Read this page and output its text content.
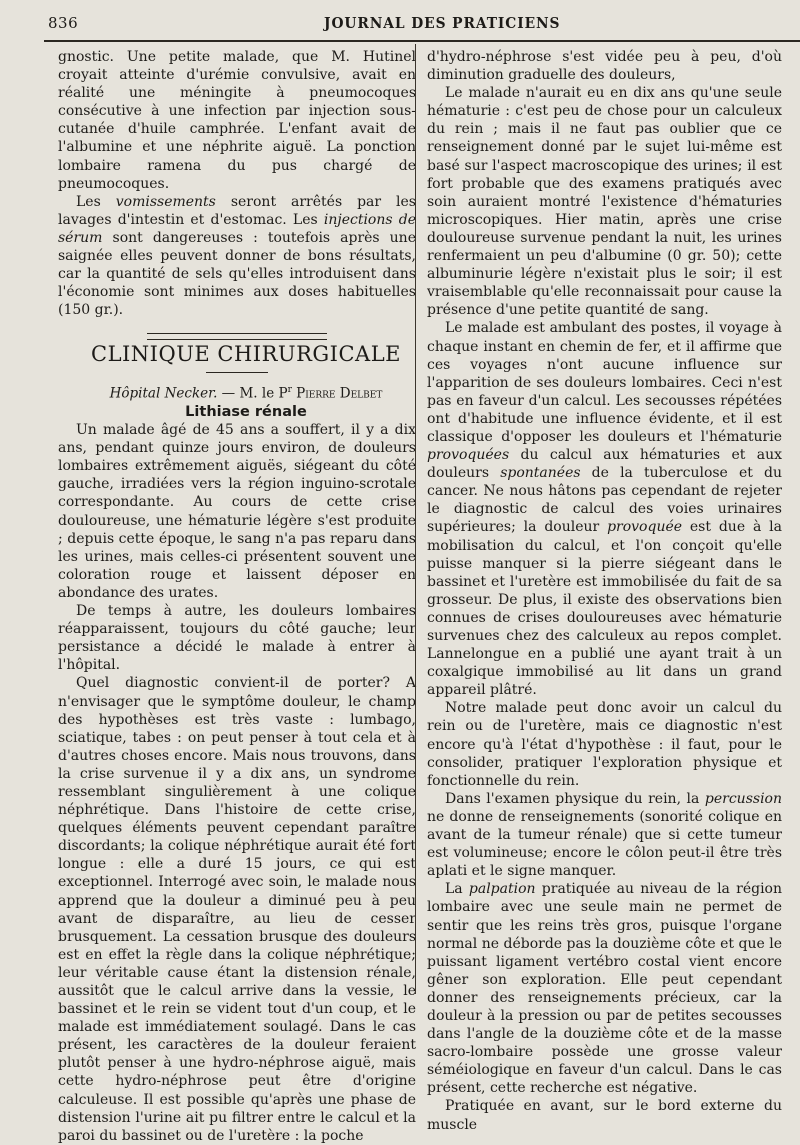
836	JOURNAL DES PRATICIENS

gnostic. Une petite malade, que M. Hutinel croyait atteinte d'urémie convulsive, avait en réalité une méningite à pneumocoques consécutive à une infection par injection sous-cutanée d'huile camphrée. L'enfant avait de l'albumine et une néphrite aiguë. La ponction lombaire ramena du pus chargé de pneumocoques.

Les vomissements seront arrêtés par les lavages d'intestin et d'estomac. Les injections de sérum sont dangereuses : toutefois après une saignée elles peuvent donner de bons résultats, car la quantité de sels qu'elles introduisent dans l'économie sont minimes aux doses habituelles (150 gr.).

CLINIQUE CHIRURGICALE

Hôpital Necker. — M. le $P^r$ Pierre Delbet

Lithiase rénale

Un malade âgé de 45 ans a souffert, il y a dix ans, pendant quinze jours environ, de douleurs lombaires extrêmement aiguës, siégeant du côté gauche, irradiées vers la région inguino-scrotale correspondante. Au cours de cette crise douloureuse, une hématurie légère s'est produite ; depuis cette époque, le sang n'a pas reparu dans les urines, mais celles-ci présentent souvent une coloration rouge et laissent déposer en abondance des urates.

De temps à autre, les douleurs lombaires réapparaissent, toujours du côté gauche; leur persistance a décidé le malade à entrer à l'hôpital.

Quel diagnostic convient-il de porter? A n'envisager que le symptôme douleur, le champ des hypothèses est très vaste : lumbago, sciatique, tabes : on peut penser à tout cela et à d'autres choses encore. Mais nous trouvons, dans la crise survenue il y a dix ans, un syndrome ressemblant singulièrement à une colique néphrétique. Dans l'histoire de cette crise, quelques éléments peuvent cependant paraître discordants; la colique néphrétique aurait été fort longue : elle a duré 15 jours, ce qui est exceptionnel. Interrogé avec soin, le malade nous apprend que la douleur a diminué peu à peu avant de disparaître, au lieu de cesser brusquement. La cessation brusque des douleurs est en effet la règle dans la colique néphrétique; leur véritable cause étant la distension rénale, aussitôt que le calcul arrive dans la vessie, le bassinet et le rein se vident tout d'un coup, et le malade est immédiatement soulagé. Dans le cas présent, les caractères de la douleur feraient plutôt penser à une hydro-néphrose aiguë, mais cette hydro-néphrose peut être d'origine calculeuse. Il est possible qu'après une phase de distension l'urine ait pu filtrer entre le calcul et la paroi du bassinet ou de l'uretère : la poche

d'hydro-néphrose s'est vidée peu à peu, d'où diminution graduelle des douleurs,

Le malade n'aurait eu en dix ans qu'une seule hématurie : c'est peu de chose pour un calculeux du rein ; mais il ne faut pas oublier que ce renseignement donné par le sujet lui-même est basé sur l'aspect macroscopique des urines; il est fort probable que des examens pratiqués avec soin auraient montré l'existence d'hématuries microscopiques. Hier matin, après une crise douloureuse survenue pendant la nuit, les urines renfermaient un peu d'albumine (0 gr. 50); cette albuminurie légère n'existait plus le soir; il est vraisemblable qu'elle reconnaissait pour cause la présence d'une petite quantité de sang.

Le malade est ambulant des postes, il voyage à chaque instant en chemin de fer, et il affirme que ces voyages n'ont aucune influence sur l'apparition de ses douleurs lombaires. Ceci n'est pas en faveur d'un calcul. Les secousses répétées ont d'habitude une influence évidente, et il est classique d'opposer les douleurs et l'hématurie provoquées du calcul aux hématuries et aux douleurs spontanées de la tuberculose et du cancer. Ne nous hâtons pas cependant de rejeter le diagnostic de calcul des voies urinaires supérieures; la douleur provoquée est due à la mobilisation du calcul, et l'on conçoit qu'elle puisse manquer si la pierre siégeant dans le bassinet et l'uretère est immobilisée du fait de sa grosseur. De plus, il existe des observations bien connues de crises douloureuses avec hématurie survenues chez des calculeux au repos complet. Lannelongue en a publié une ayant trait à un coxalgique immobilisé au lit dans un grand appareil plâtré.

Notre malade peut donc avoir un calcul du rein ou de l'uretère, mais ce diagnostic n'est encore qu'à l'état d'hypothèse : il faut, pour le consolider, pratiquer l'exploration physique et fonctionnelle du rein.

Dans l'examen physique du rein, la percussion ne donne de renseignements (sonorité colique en avant de la tumeur rénale) que si cette tumeur est volumineuse; encore le côlon peut-il être très aplati et le signe manquer.

La palpation pratiquée au niveau de la région lombaire avec une seule main ne permet de sentir que les reins très gros, puisque l'organe normal ne déborde pas la douzième côte et que le puissant ligament vertébro costal vient encore gêner son exploration. Elle peut cependant donner des renseignements précieux, car la douleur à la pression ou par de petites secousses dans l'angle de la douzième côte et de la masse sacro-lombaire possède une grosse valeur séméiologique en faveur d'un calcul. Dans le cas présent, cette recherche est négative.

Pratiquée en avant, sur le bord externe du muscle
